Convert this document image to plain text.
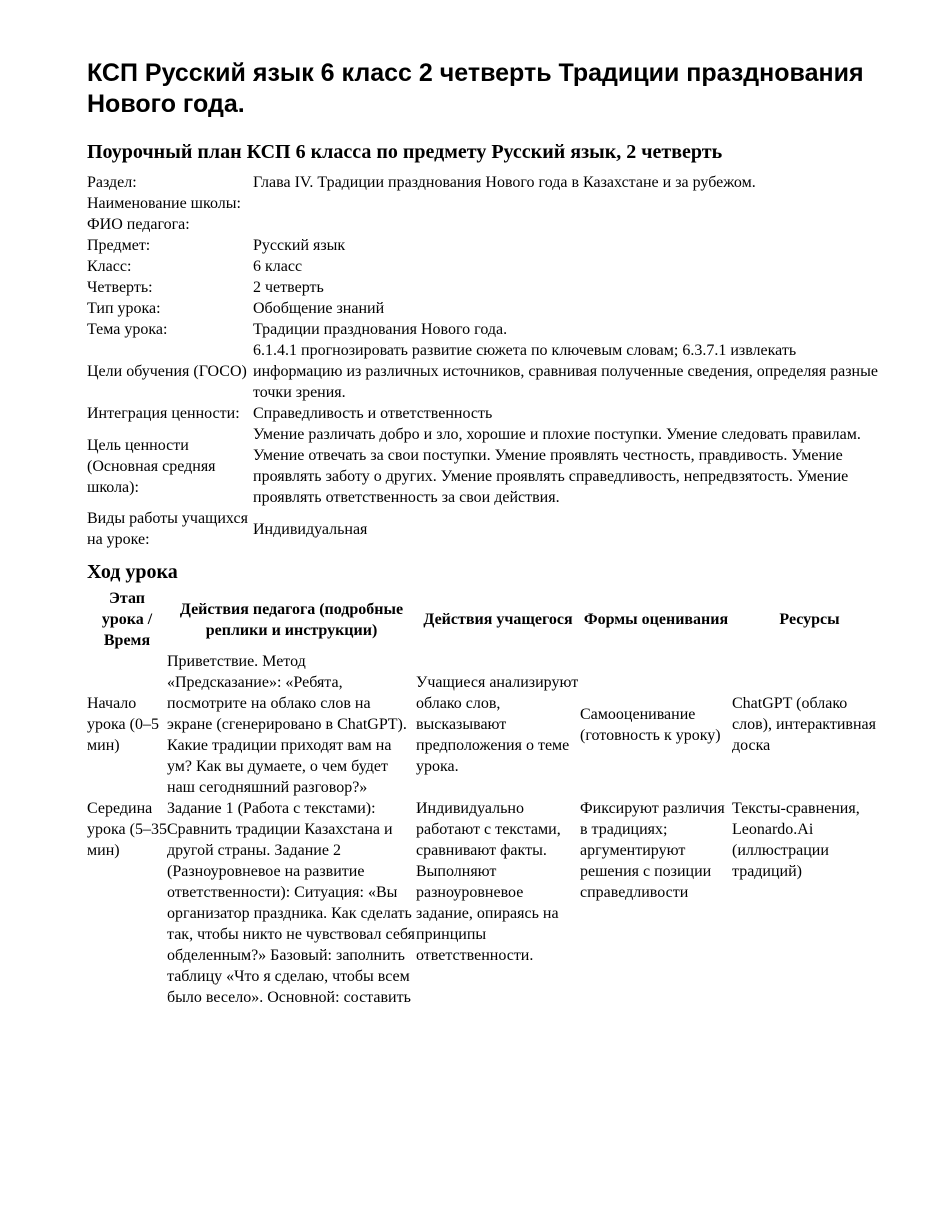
КСП Русский язык 6 класс 2 четверть Традиции празднования Нового года.
Поурочный план КСП 6 класса по предмету Русский язык, 2 четверть
Раздел:	Глава IV. Традиции празднования Нового года в Казахстане и за рубежом.
Наименование школы:	
ФИО педагога:	
Предмет:	Русский язык
Класс:	6 класс
Четверть:	2 четверть
Тип урока:	Обобщение знаний
Тема урока:	Традиции празднования Нового года.
Цели обучения (ГОСО)	6.1.4.1 прогнозировать развитие сюжета по ключевым словам; 6.3.7.1 извлекать информацию из различных источников, сравнивая полученные сведения, определяя разные точки зрения.
Интеграция ценности:	Справедливость и ответственность
Цель ценности (Основная средняя школа):	Умение различать добро и зло, хорошие и плохие поступки. Умение следовать правилам. Умение отвечать за свои поступки. Умение проявлять честность, правдивость. Умение проявлять заботу о других. Умение проявлять справедливость, непредвзятость. Умение проявлять ответственность за свои действия.
Виды работы учащихся на уроке:	Индивидуальная
Ход урока
Этап урока / Время	Действия педагога (подробные реплики и инструкции)	Действия учащегося	Формы оценивания	Ресурсы
Начало урока (0–5 мин)	Приветствие. Метод «Предсказание»: «Ребята, посмотрите на облако слов на экране (сгенерировано в ChatGPT). Какие традиции приходят вам на ум? Как вы думаете, о чем будет наш сегодняшний разговор?»	Учащиеся анализируют облако слов, высказывают предположения о теме урока.	Самооценивание (готовность к уроку)	ChatGPT (облако слов), интерактивная доска
Середина урока (5–35 мин)	Задание 1 (Работа с текстами): Сравнить традиции Казахстана и другой страны. Задание 2 (Разноуровневое на развитие ответственности): Ситуация: «Вы организатор праздника. Как сделать так, чтобы никто не чувствовал себя обделенным?» Базовый: заполнить таблицу «Что я сделаю, чтобы всем было весело». Основной: составить	Индивидуально работают с текстами, сравнивают факты. Выполняют разноуровневое задание, опираясь на принципы ответственности.	Фиксируют различия в традициях; аргументируют решения с позиции справедливости	Тексты-сравнения, Leonardo.Ai (иллюстрации традиций)
